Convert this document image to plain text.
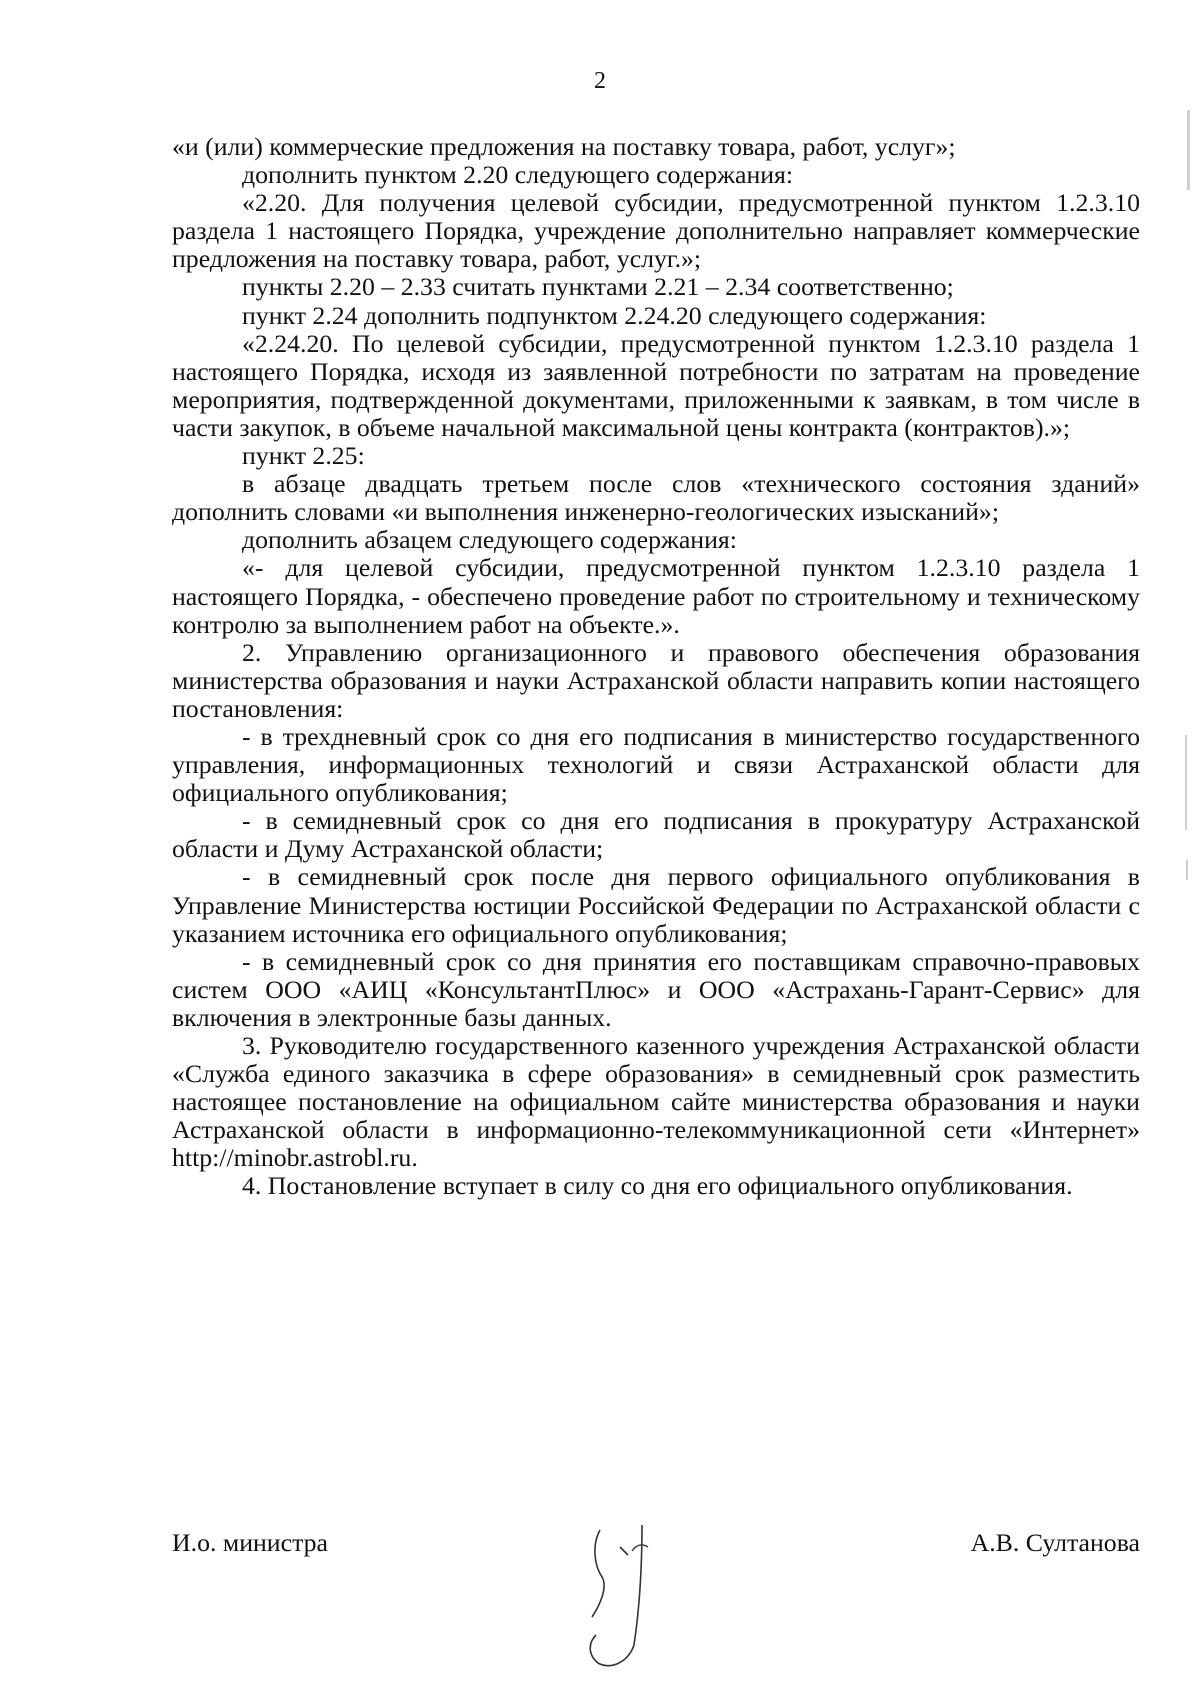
2

«и (или) коммерческие предложения на поставку товара, работ, услуг»;

дополнить пунктом 2.20 следующего содержания:

«2.20. Для получения целевой субсидии, предусмотренной пунктом 1.2.3.10 раздела 1 настоящего Порядка, учреждение дополнительно направляет коммерческие предложения на поставку товара, работ, услуг.»;

пункты 2.20 – 2.33 считать пунктами 2.21 – 2.34 соответственно;

пункт 2.24 дополнить подпунктом 2.24.20 следующего содержания:

«2.24.20. По целевой субсидии, предусмотренной пунктом 1.2.3.10 раздела 1 настоящего Порядка, исходя из заявленной потребности по затратам на проведение мероприятия, подтвержденной документами, приложенными к заявкам, в том числе в части закупок, в объеме начальной максимальной цены контракта (контрактов).»;

пункт 2.25:

в абзаце двадцать третьем после слов «технического состояния зданий» дополнить словами «и выполнения инженерно-геологических изысканий»;

дополнить абзацем следующего содержания:

«- для целевой субсидии, предусмотренной пунктом 1.2.3.10 раздела 1 настоящего Порядка, - обеспечено проведение работ по строительному и техническому контролю за выполнением работ на объекте.».

2. Управлению организационного и правового обеспечения образования министерства образования и науки Астраханской области направить копии настоящего постановления:

- в трехдневный срок со дня его подписания в министерство государственного управления, информационных технологий и связи Астраханской области для официального опубликования;

- в семидневный срок со дня его подписания в прокуратуру Астраханской области и Думу Астраханской области;

- в семидневный срок после дня первого официального опубликования в Управление Министерства юстиции Российской Федерации по Астраханской области с указанием источника его официального опубликования;

- в семидневный срок со дня принятия его поставщикам справочно-правовых систем ООО «АИЦ «КонсультантПлюс» и ООО «Астрахань-Гарант-Сервис» для включения в электронные базы данных.

3. Руководителю государственного казенного учреждения Астраханской области «Служба единого заказчика в сфере образования» в семидневный срок разместить настоящее постановление на официальном сайте министерства образования и науки Астраханской области в информационно-телекоммуникационной сети «Интернет» http://minobr.astrobl.ru.

4. Постановление вступает в силу со дня его официального опубликования.

И.о. министра	А.В. Султанова
